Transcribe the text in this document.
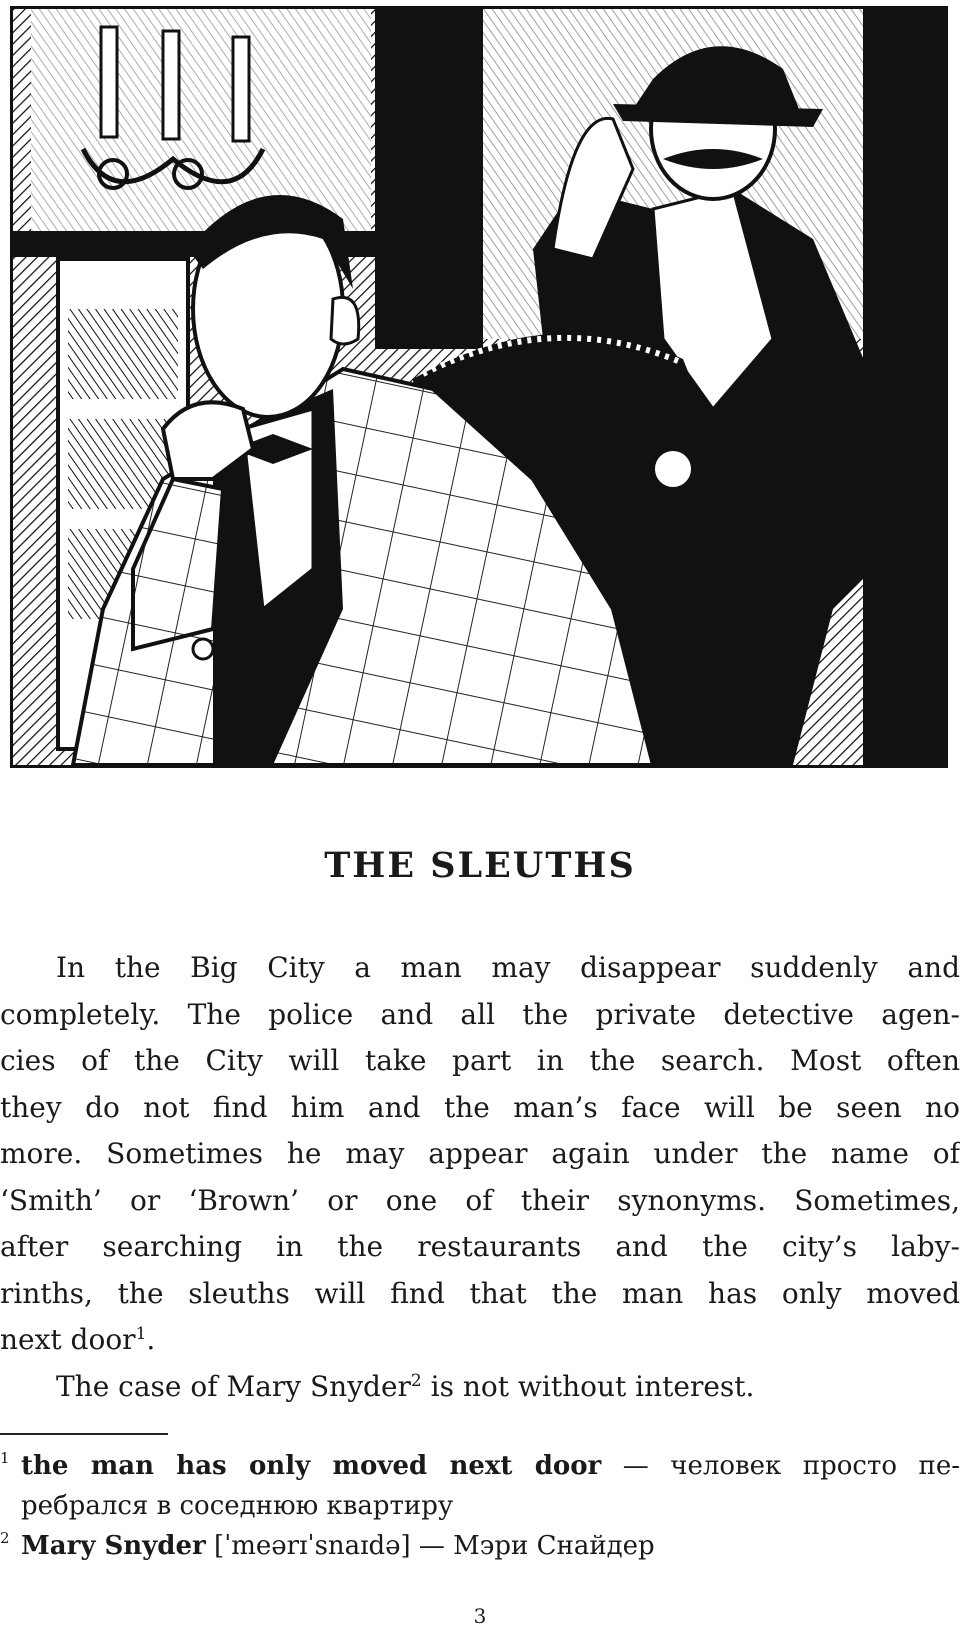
THE SLEUTHS
In the Big City a man may disappear suddenly and
completely. The police and all the private detective agen-
cies of the City will take part in the search. Most often
they do not find him and the man’s face will be seen no
more. Sometimes he may appear again under the name of
‘Smith’ or ‘Brown’ or one of their synonyms. Sometimes,
after searching in the restaurants and the city’s laby-
rinths, the sleuths will find that the man has only moved
next door$^1$.
The case of Mary Snyder$^2$ is not without interest.
1 the man has only moved next door — человек просто пе-
ребрался в соседнюю квартиру
2 Mary Snyder [ˈmeərɪˈsnaɪdə] — Мэри Снайдер
3
